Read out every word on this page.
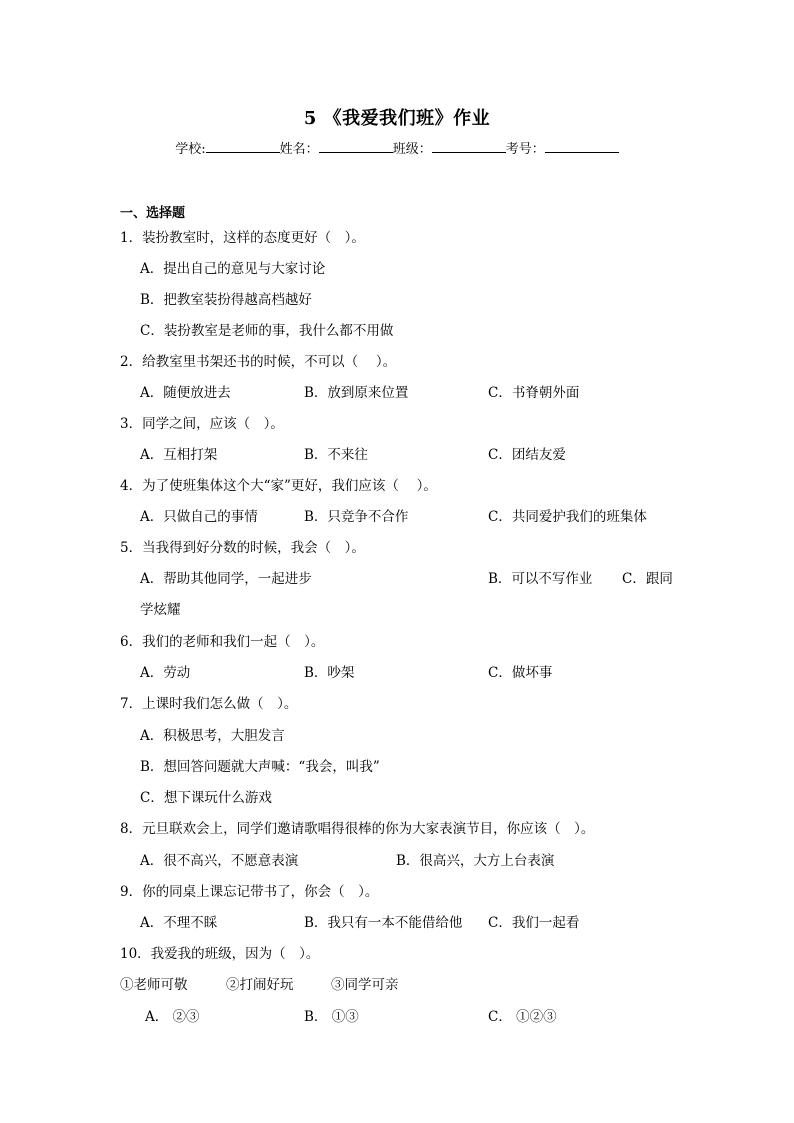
5 《我爱我们班》作业
学校:	姓名：	班级：	考号：
一、选择题
1．装扮教室时，这样的态度更好（　）。
A．提出自己的意见与大家讨论
B．把教室装扮得越高档越好
C．装扮教室是老师的事，我什么都不用做
2．给教室里书架还书的时候，不可以（　 ）。
A．随便放进去	B．放到原来位置	C．书脊朝外面
3．同学之间，应该（　）。
A．互相打架	B．不来往	C．团结友爱
4．为了使班集体这个大“家”更好，我们应该（　 ）。
A．只做自己的事情	B．只竞争不合作	C．共同爱护我们的班集体
5．当我得到好分数的时候，我会（　）。
A．帮助其他同学，一起进步	B．可以不写作业 C．跟同
学炫耀
6．我们的老师和我们一起（　）。
A．劳动	B．吵架	C．做坏事
7．上课时我们怎么做（　）。
A．积极思考，大胆发言
B．想回答问题就大声喊：“我会，叫我”
C．想下课玩什么游戏
8．元旦联欢会上，同学们邀请歌唱得很棒的你为大家表演节目，你应该（　）。
A．很不高兴，不愿意表演	B．很高兴，大方上台表演
9．你的同桌上课忘记带书了，你会（　）。
A．不理不睬	B．我只有一本不能借给他 C．我们一起看
10．我爱我的班级，因为（　）。
①老师可敬	②打闹好玩	③同学可亲
A． ②③	B． ①③	C． ①②③
